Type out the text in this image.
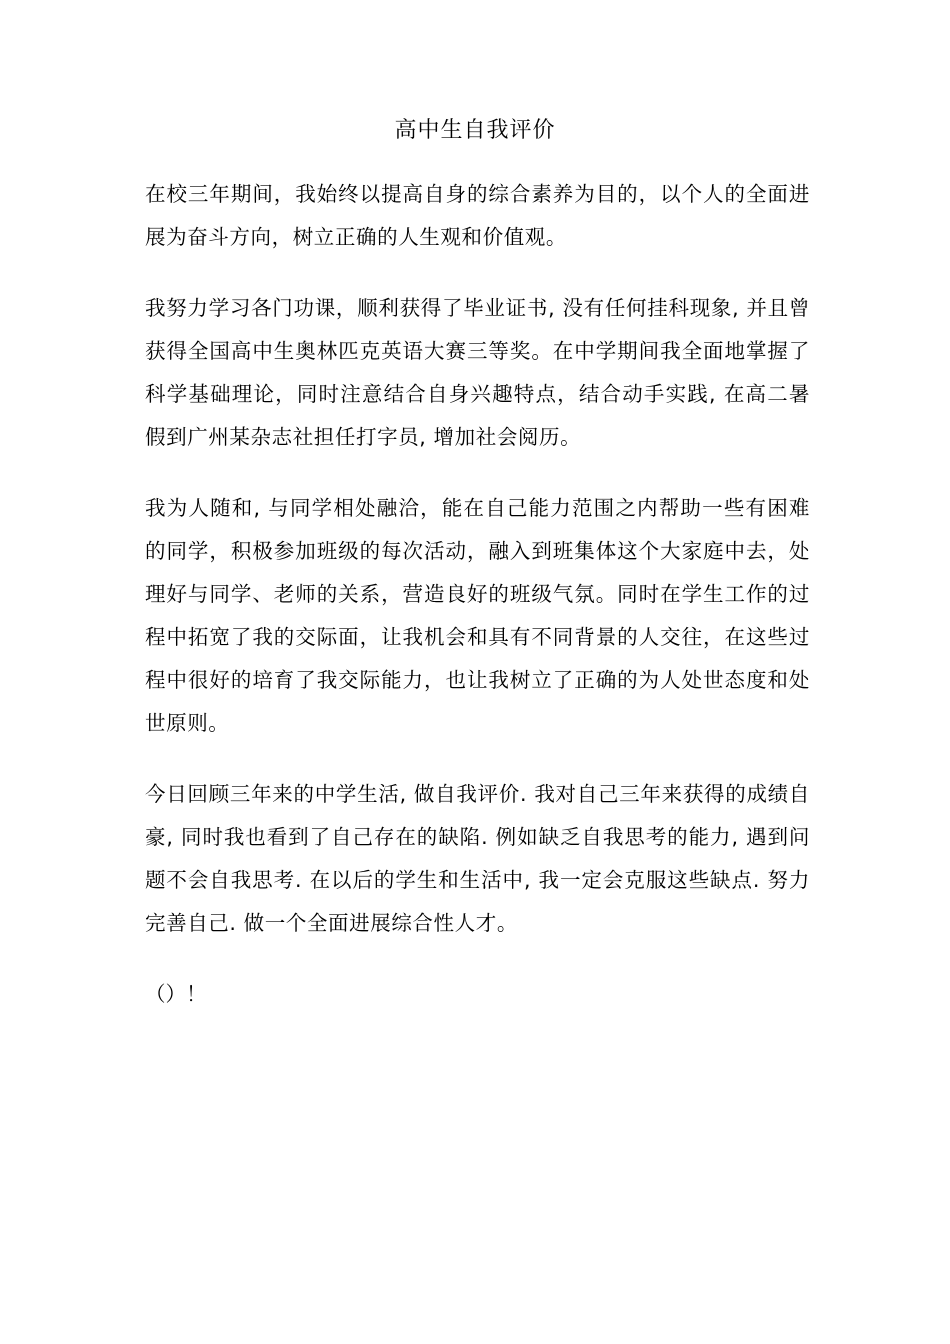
高中生自我评价

在校三年期间，我始终以提高自身的综合素养为目的，以个人的全面进展为奋斗方向，树立正确的人生观和价值观。

我努力学习各门功课，顺利获得了毕业证书, 没有任何挂科现象, 并且曾获得全国高中生奥林匹克英语大赛三等奖。在中学期间我全面地掌握了科学基础理论，同时注意结合自身兴趣特点，结合动手实践, 在高二暑假到广州某杂志社担任打字员, 增加社会阅历。

我为人随和, 与同学相处融洽，能在自己能力范围之内帮助一些有困难的同学，积极参加班级的每次活动，融入到班集体这个大家庭中去，处理好与同学、老师的关系，营造良好的班级气氛。同时在学生工作的过程中拓宽了我的交际面，让我机会和具有不同背景的人交往，在这些过程中很好的培育了我交际能力，也让我树立了正确的为人处世态度和处世原则。

今日回顾三年来的中学生活, 做自我评价. 我对自己三年来获得的成绩自豪, 同时我也看到了自己存在的缺陷. 例如缺乏自我思考的能力, 遇到问题不会自我思考. 在以后的学生和生活中, 我一定会克服这些缺点. 努力完善自己. 做一个全面进展综合性人才。

（）！
